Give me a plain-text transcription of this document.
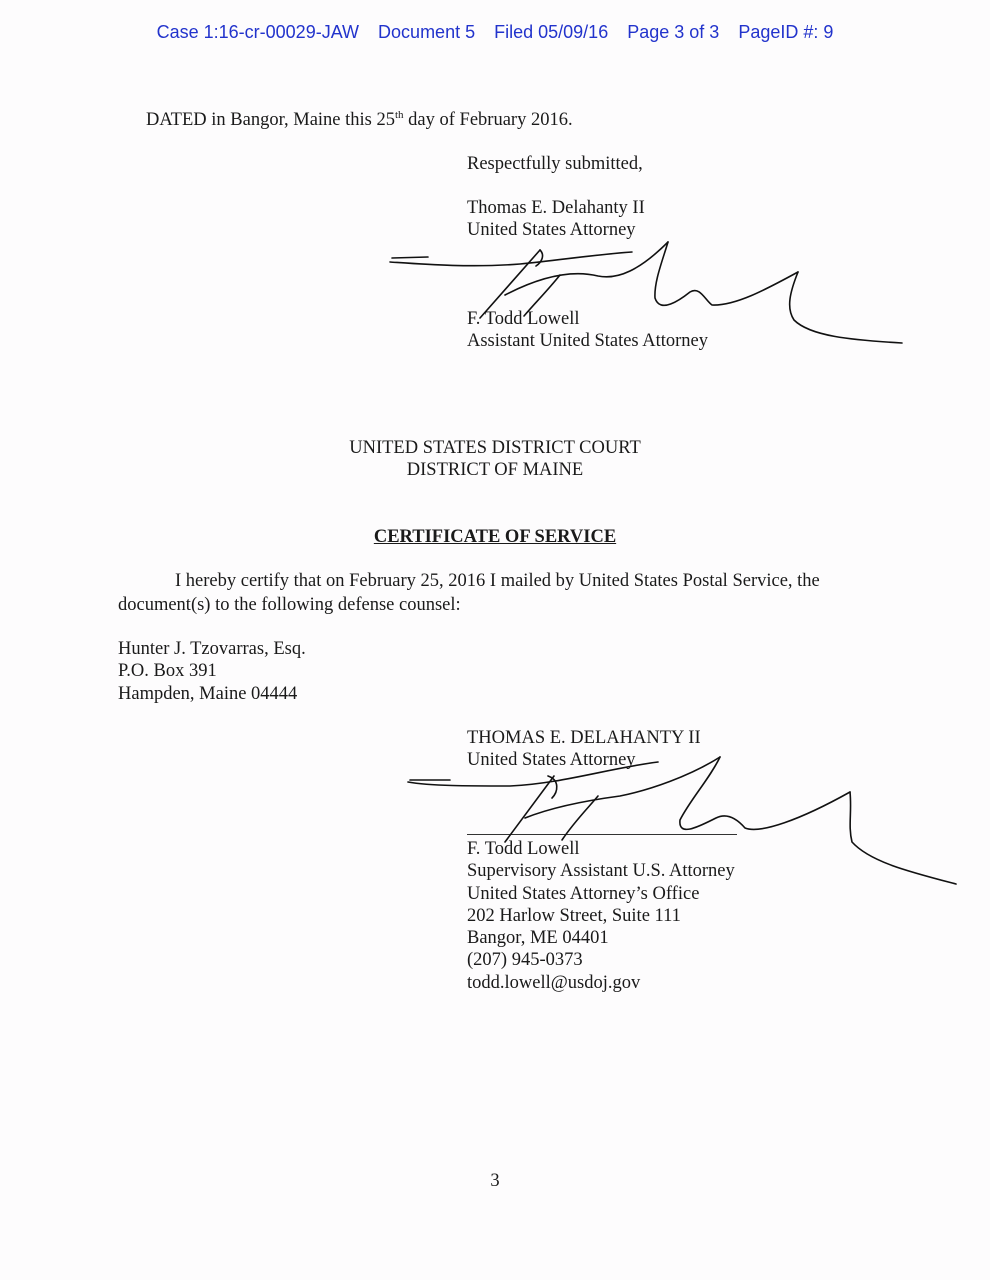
Case 1:16-cr-00029-JAW Document 5 Filed 05/09/16 Page 3 of 3 PageID #: 9
DATED in Bangor, Maine this 25th day of February 2016.
Respectfully submitted,
Thomas E. Delahanty II
United States Attorney
F. Todd Lowell
Assistant United States Attorney
UNITED STATES DISTRICT COURT
DISTRICT OF MAINE
CERTIFICATE OF SERVICE
I hereby certify that on February 25, 2016 I mailed by United States Postal Service, the
document(s) to the following defense counsel:
Hunter J. Tzovarras, Esq.
P.O. Box 391
Hampden, Maine 04444
THOMAS E. DELAHANTY II
United States Attorney
F. Todd Lowell
Supervisory Assistant U.S. Attorney
United States Attorney’s Office
202 Harlow Street, Suite 111
Bangor, ME 04401
(207) 945-0373
todd.lowell@usdoj.gov
3
